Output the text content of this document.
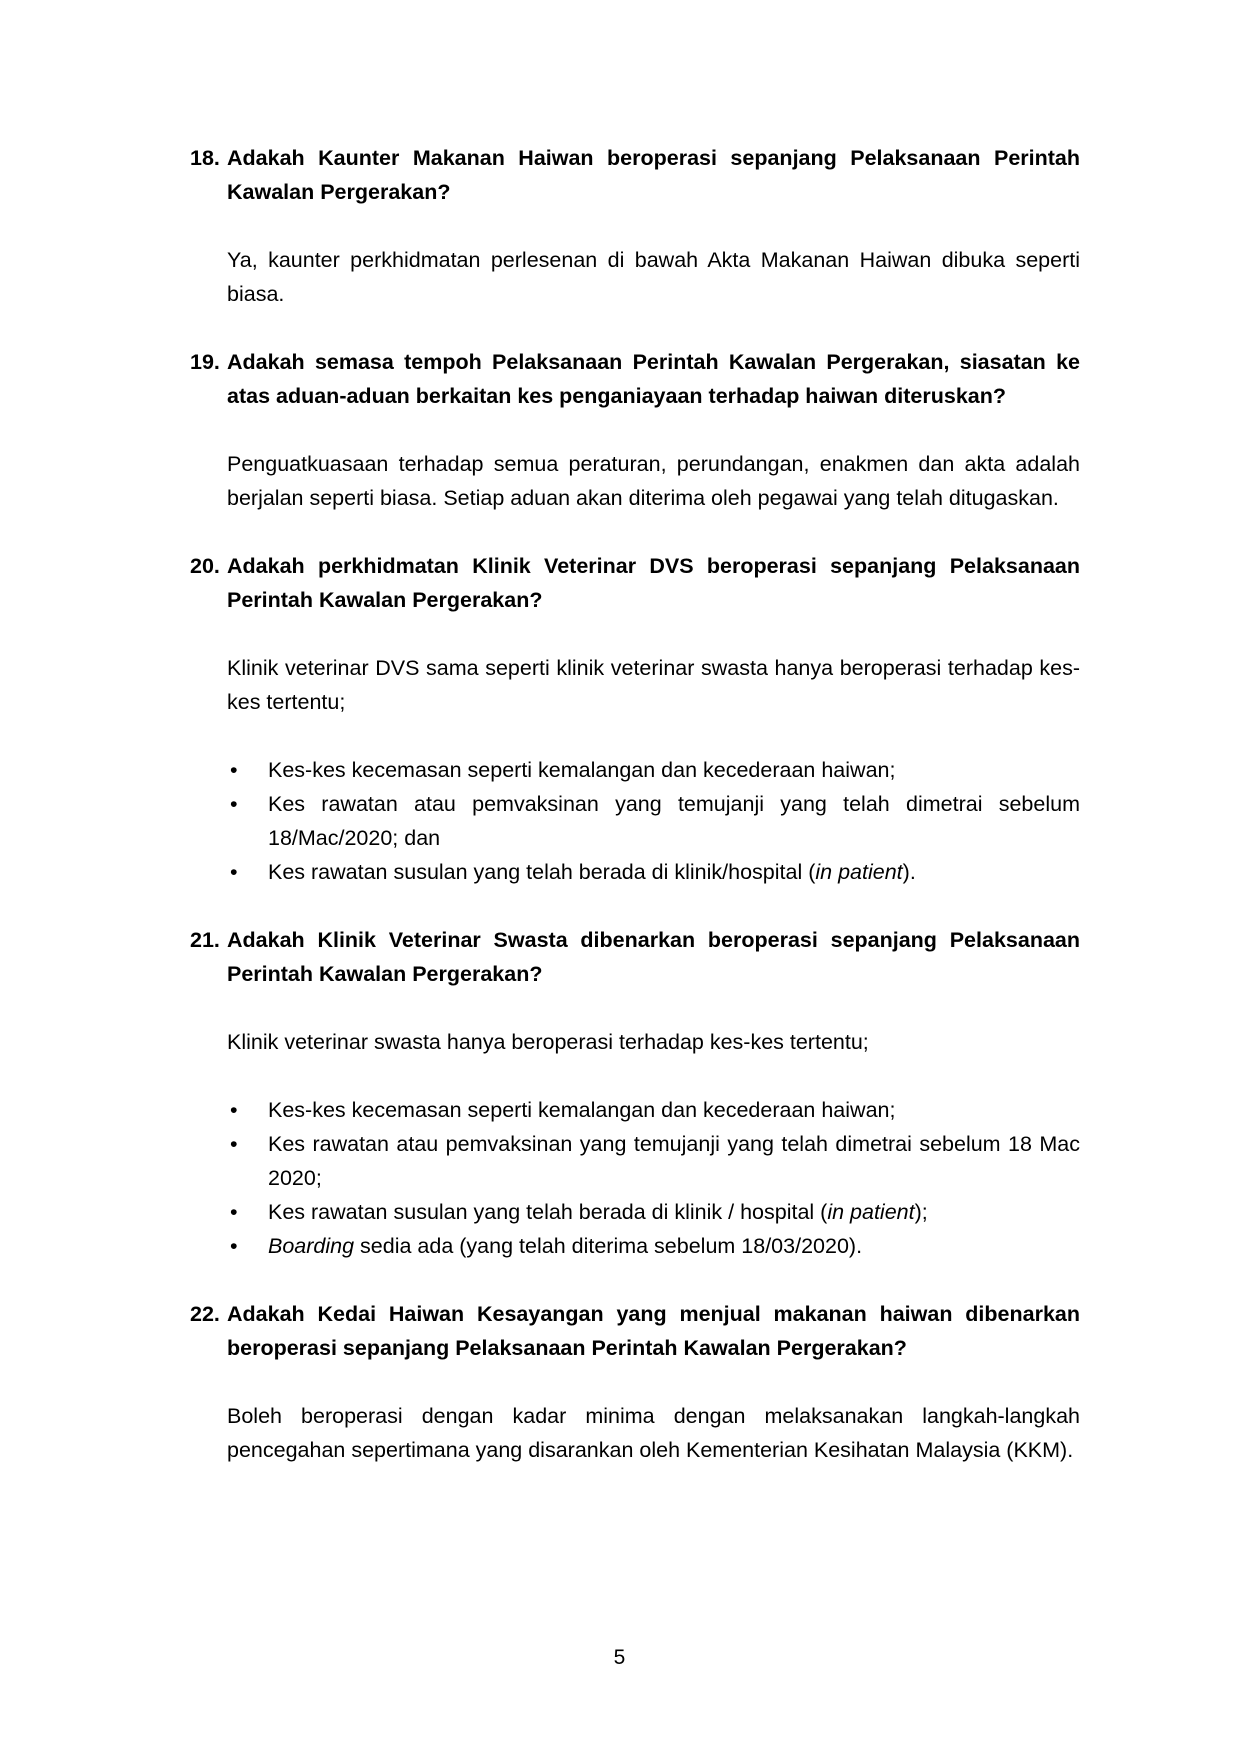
18. Adakah Kaunter Makanan Haiwan beroperasi sepanjang Pelaksanaan Perintah Kawalan Pergerakan?

Ya, kaunter perkhidmatan perlesenan di bawah Akta Makanan Haiwan dibuka seperti biasa.

19. Adakah semasa tempoh Pelaksanaan Perintah Kawalan Pergerakan, siasatan ke atas aduan-aduan berkaitan kes penganiayaan terhadap haiwan diteruskan?

Penguatkuasaan terhadap semua peraturan, perundangan, enakmen dan akta adalah berjalan seperti biasa. Setiap aduan akan diterima oleh pegawai yang telah ditugaskan.

20. Adakah perkhidmatan Klinik Veterinar DVS beroperasi sepanjang Pelaksanaan Perintah Kawalan Pergerakan?

Klinik veterinar DVS sama seperti klinik veterinar swasta hanya beroperasi terhadap kes-kes tertentu;

• Kes-kes kecemasan seperti kemalangan dan kecederaan haiwan;
• Kes rawatan atau pemvaksinan yang temujanji yang telah dimetrai sebelum 18/Mac/2020; dan
• Kes rawatan susulan yang telah berada di klinik/hospital (in patient).

21. Adakah Klinik Veterinar Swasta dibenarkan beroperasi sepanjang Pelaksanaan Perintah Kawalan Pergerakan?

Klinik veterinar swasta hanya beroperasi terhadap kes-kes tertentu;

• Kes-kes kecemasan seperti kemalangan dan kecederaan haiwan;
• Kes rawatan atau pemvaksinan yang temujanji yang telah dimetrai sebelum 18 Mac 2020;
• Kes rawatan susulan yang telah berada di klinik / hospital (in patient);
• Boarding sedia ada (yang telah diterima sebelum 18/03/2020).

22. Adakah Kedai Haiwan Kesayangan yang menjual makanan haiwan dibenarkan beroperasi sepanjang Pelaksanaan Perintah Kawalan Pergerakan?

Boleh beroperasi dengan kadar minima dengan melaksanakan langkah-langkah pencegahan sepertimana yang disarankan oleh Kementerian Kesihatan Malaysia (KKM).

5
